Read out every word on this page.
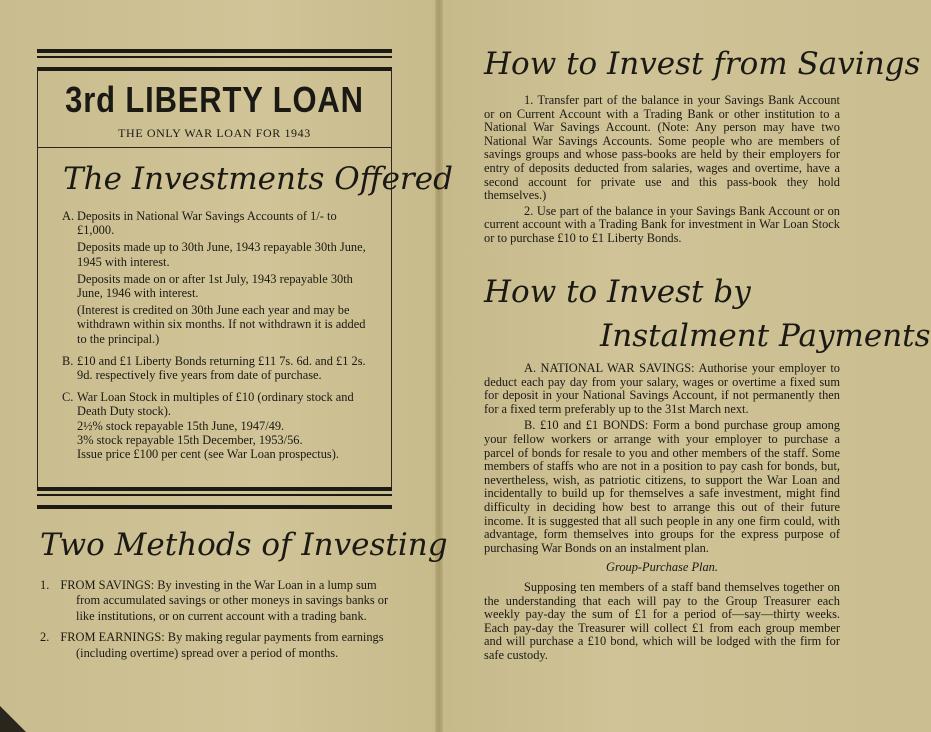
3rd LIBERTY LOAN
THE ONLY WAR LOAN FOR 1943
The Investments Offered
A. Deposits in National War Savings Accounts of 1/- to £1,000.
Deposits made up to 30th June, 1943 repayable 30th June, 1945 with interest.
Deposits made on or after 1st July, 1943 repayable 30th June, 1946 with interest.
(Interest is credited on 30th June each year and may be withdrawn within six months. If not withdrawn it is added to the principal.)
B. £10 and £1 Liberty Bonds returning £11 7s. 6d. and £1 2s. 9d. respectively five years from date of purchase.
C. War Loan Stock in multiples of £10 (ordinary stock and Death Duty stock).
2½% stock repayable 15th June, 1947/49.
3% stock repayable 15th December, 1953/56.
Issue price £100 per cent (see War Loan prospectus).
Two Methods of Investing
1. FROM SAVINGS: By investing in the War Loan in a lump sum from accumulated savings or other moneys in savings banks or like institutions, or on current account with a trading bank.
2. FROM EARNINGS: By making regular payments from earnings (including overtime) spread over a period of months.
How to Invest from Savings

1. Transfer part of the balance in your Savings Bank Account or on Current Account with a Trading Bank or other institution to a National War Savings Account. (Note: Any person may have two National War Savings Accounts. Some people who are members of savings groups and whose pass-books are held by their employers for entry of deposits deducted from salaries, wages and overtime, have a second account for private use and this pass-book they hold themselves.)

2. Use part of the balance in your Savings Bank Account or on current account with a Trading Bank for investment in War Loan Stock or to purchase £10 to £1 Liberty Bonds.

How to Invest by
Instalment Payments

A. NATIONAL WAR SAVINGS: Authorise your employer to deduct each pay day from your salary, wages or overtime a fixed sum for deposit in your National Savings Account, if not permanently then for a fixed term preferably up to the 31st March next.

B. £10 and £1 BONDS: Form a bond purchase group among your fellow workers or arrange with your employer to purchase a parcel of bonds for resale to you and other members of the staff. Some members of staffs who are not in a position to pay cash for bonds, but, nevertheless, wish, as patriotic citizens, to support the War Loan and incidentally to build up for themselves a safe investment, might find difficulty in deciding how best to arrange this out of their future income. It is suggested that all such people in any one firm could, with advantage, form themselves into groups for the express purpose of purchasing War Bonds on an instalment plan.

Group-Purchase Plan.

Supposing ten members of a staff band themselves together on the understanding that each will pay to the Group Treasurer each weekly pay-day the sum of £1 for a period of—say—thirty weeks. Each pay-day the Treasurer will collect £1 from each group member and will purchase a £10 bond, which will be lodged with the firm for safe custody.
